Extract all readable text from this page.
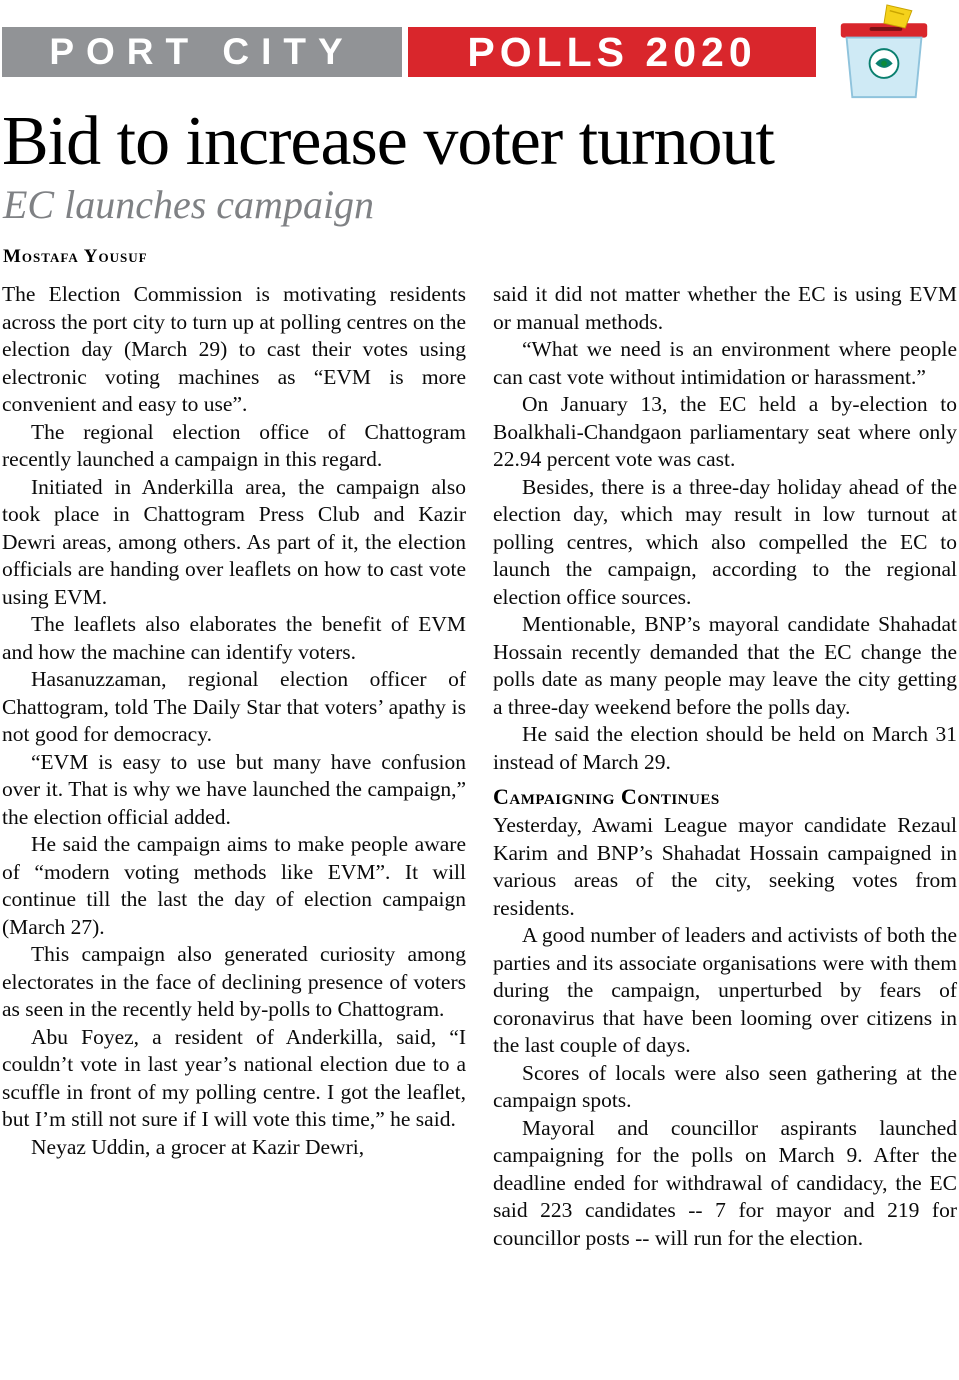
PORT CITY	POLLS 2020
Bid to increase voter turnout
EC launches campaign
Mostafa Yousuf

The Election Commission is motivating residents across the port city to turn up at polling centres on the election day (March 29) to cast their votes using electronic voting machines as “EVM is more convenient and easy to use”.

The regional election office of Chattogram recently launched a campaign in this regard.

Initiated in Anderkilla area, the campaign also took place in Chattogram Press Club and Kazir Dewri areas, among others. As part of it, the election officials are handing over leaflets on how to cast vote using EVM.

The leaflets also elaborates the benefit of EVM and how the machine can identify voters.

Hasanuzzaman, regional election officer of Chattogram, told The Daily Star that voters’ apathy is not good for democracy.

“EVM is easy to use but many have confusion over it. That is why we have launched the campaign,” the election official added.

He said the campaign aims to make people aware of “modern voting methods like EVM”. It will continue till the last the day of election campaign (March 27).

This campaign also generated curiosity among electorates in the face of declining presence of voters as seen in the recently held by-polls to Chattogram.

Abu Foyez, a resident of Anderkilla, said, “I couldn’t vote in last year’s national election due to a scuffle in front of my polling centre. I got the leaflet, but I’m still not sure if I will vote this time,” he said.

Neyaz Uddin, a grocer at Kazir Dewri,

said it did not matter whether the EC is using EVM or manual methods.

“What we need is an environment where people can cast vote without intimidation or harassment.”

On January 13, the EC held a by-election to Boalkhali-Chandgaon parliamentary seat where only 22.94 percent vote was cast.

Besides, there is a three-day holiday ahead of the election day, which may result in low turnout at polling centres, which also compelled the EC to launch the campaign, according to the regional election office sources.

Mentionable, BNP’s mayoral candidate Shahadat Hossain recently demanded that the EC change the polls date as many people may leave the city getting a three-day weekend before the polls day.

He said the election should be held on March 31 instead of March 29.

Campaigning Continues

Yesterday, Awami League mayor candidate Rezaul Karim and BNP’s Shahadat Hossain campaigned in various areas of the city, seeking votes from residents.

A good number of leaders and activists of both the parties and its associate organisations were with them during the campaign, unperturbed by fears of coronavirus that have been looming over citizens in the last couple of days.

Scores of locals were also seen gathering at the campaign spots.

Mayoral and councillor aspirants launched campaigning for the polls on March 9. After the deadline ended for withdrawal of candidacy, the EC said 223 candidates -- 7 for mayor and 219 for councillor posts -- will run for the election.
